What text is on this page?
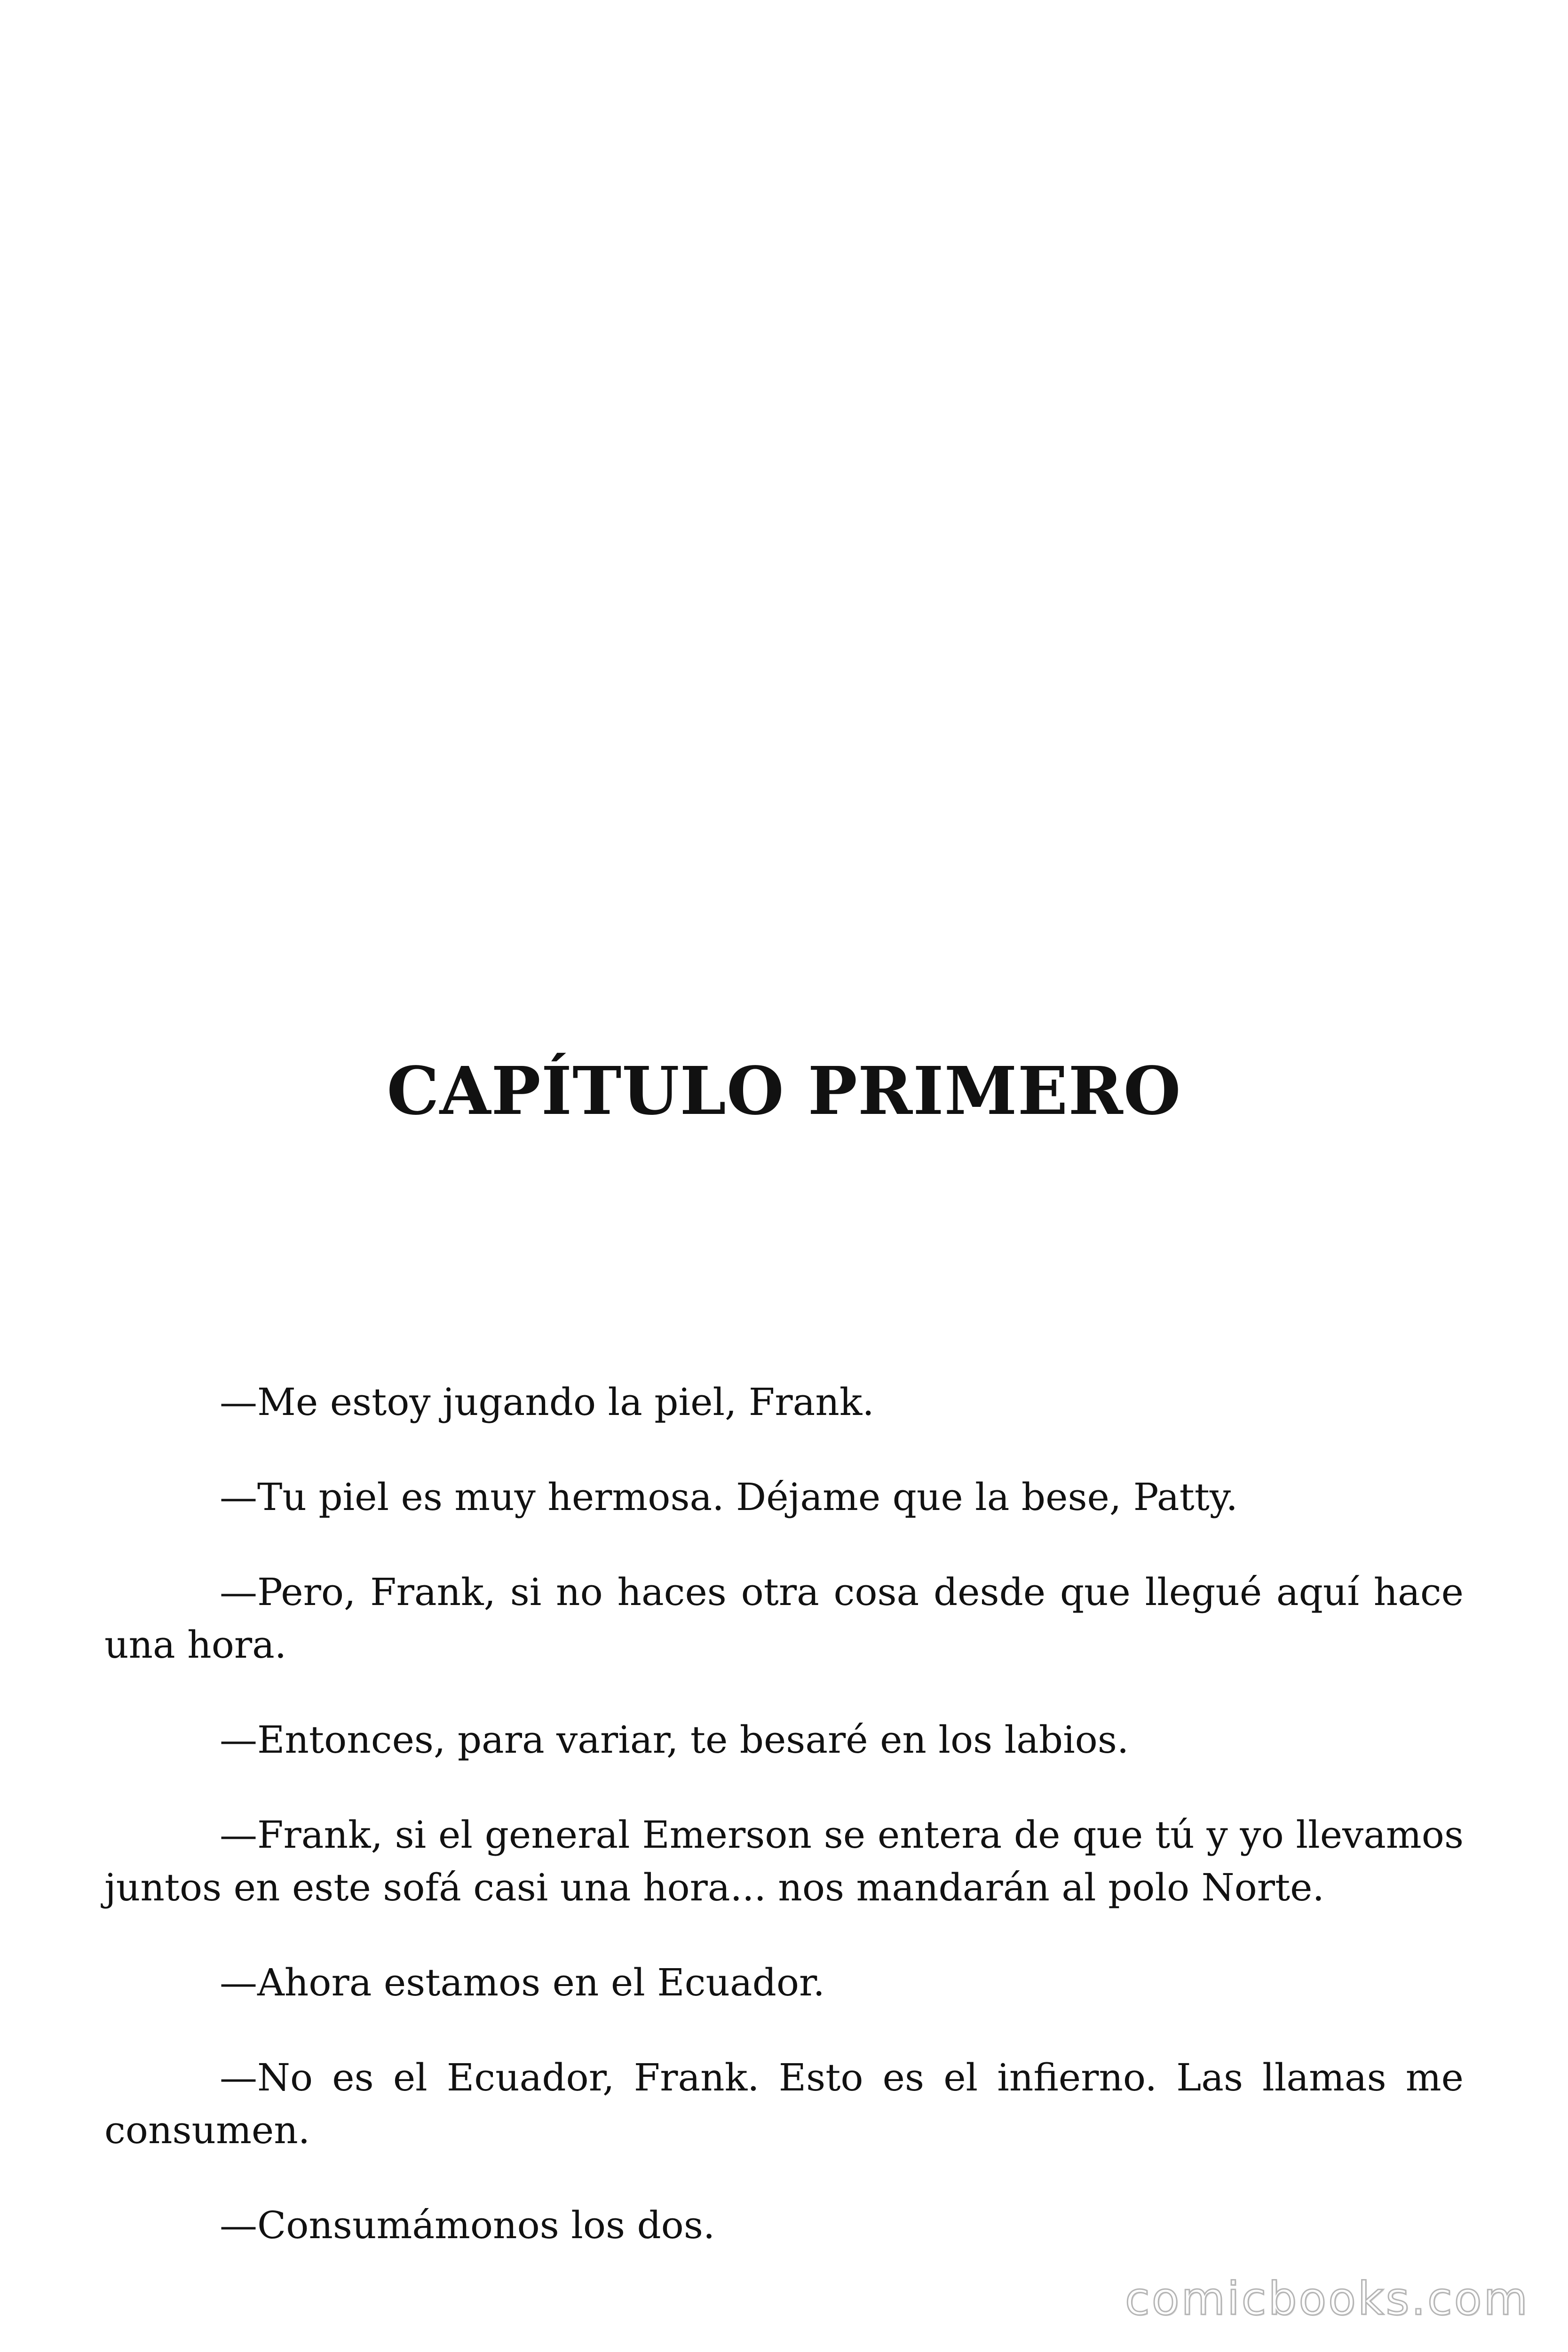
CAPÍTULO PRIMERO

—Me estoy jugando la piel, Frank.

—Tu piel es muy hermosa. Déjame que la bese, Patty.

—Pero, Frank, si no haces otra cosa desde que llegué aquí hace una hora.

—Entonces, para variar, te besaré en los labios.

—Frank, si el general Emerson se entera de que tú y yo llevamos juntos en este sofá casi una hora... nos mandarán al polo Norte.

—Ahora estamos en el Ecuador.

—No es el Ecuador, Frank. Esto es el infierno. Las llamas me consumen.

—Consumámonos los dos.

comicbooks.com
